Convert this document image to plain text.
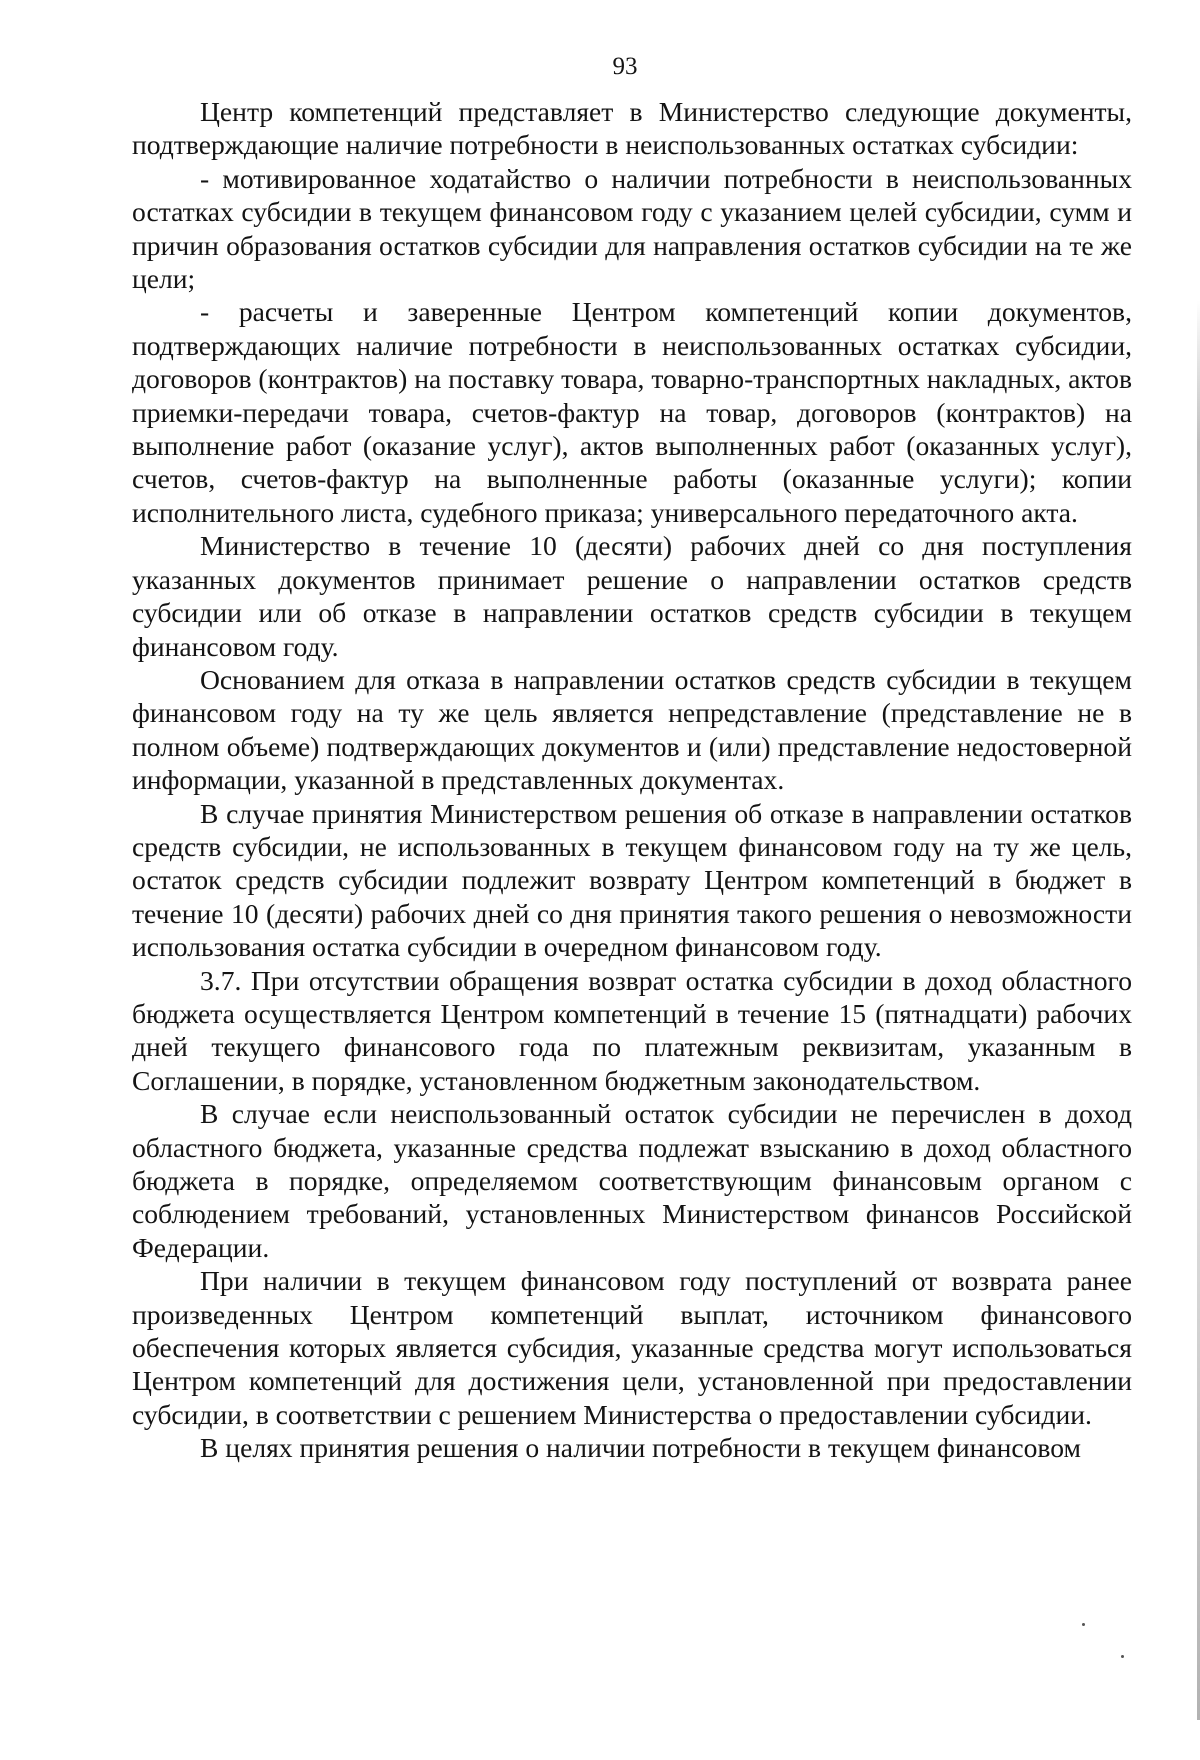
93

Центр компетенций представляет в Министерство следующие документы, подтверждающие наличие потребности в неиспользованных остатках субсидии:

- мотивированное ходатайство о наличии потребности в неиспользованных остатках субсидии в текущем финансовом году с указанием целей субсидии, сумм и причин образования остатков субсидии для направления остатков субсидии на те же цели;

- расчеты и заверенные Центром компетенций копии документов, подтверждающих наличие потребности в неиспользованных остатках субсидии, договоров (контрактов) на поставку товара, товарно-транспортных накладных, актов приемки-передачи товара, счетов-фактур на товар, договоров (контрактов) на выполнение работ (оказание услуг), актов выполненных работ (оказанных услуг), счетов, счетов-фактур на выполненные работы (оказанные услуги); копии исполнительного листа, судебного приказа; универсального передаточного акта.

Министерство в течение 10 (десяти) рабочих дней со дня поступления указанных документов принимает решение о направлении остатков средств субсидии или об отказе в направлении остатков средств субсидии в текущем финансовом году.

Основанием для отказа в направлении остатков средств субсидии в текущем финансовом году на ту же цель является непредставление (представление не в полном объеме) подтверждающих документов и (или) представление недостоверной информации, указанной в представленных документах.

В случае принятия Министерством решения об отказе в направлении остатков средств субсидии, не использованных в текущем финансовом году на ту же цель, остаток средств субсидии подлежит возврату Центром компетенций в бюджет в течение 10 (десяти) рабочих дней со дня принятия такого решения о невозможности использования остатка субсидии в очередном финансовом году.

3.7. При отсутствии обращения возврат остатка субсидии в доход областного бюджета осуществляется Центром компетенций в течение 15 (пятнадцати) рабочих дней текущего финансового года по платежным реквизитам, указанным в Соглашении, в порядке, установленном бюджетным законодательством.

В случае если неиспользованный остаток субсидии не перечислен в доход областного бюджета, указанные средства подлежат взысканию в доход областного бюджета в порядке, определяемом соответствующим финансовым органом с соблюдением требований, установленных Министерством финансов Российской Федерации.

При наличии в текущем финансовом году поступлений от возврата ранее произведенных Центром компетенций выплат, источником финансового обеспечения которых является субсидия, указанные средства могут использоваться Центром компетенций для достижения цели, установленной при предоставлении субсидии, в соответствии с решением Министерства о предоставлении субсидии.

В целях принятия решения о наличии потребности в текущем финансовом
